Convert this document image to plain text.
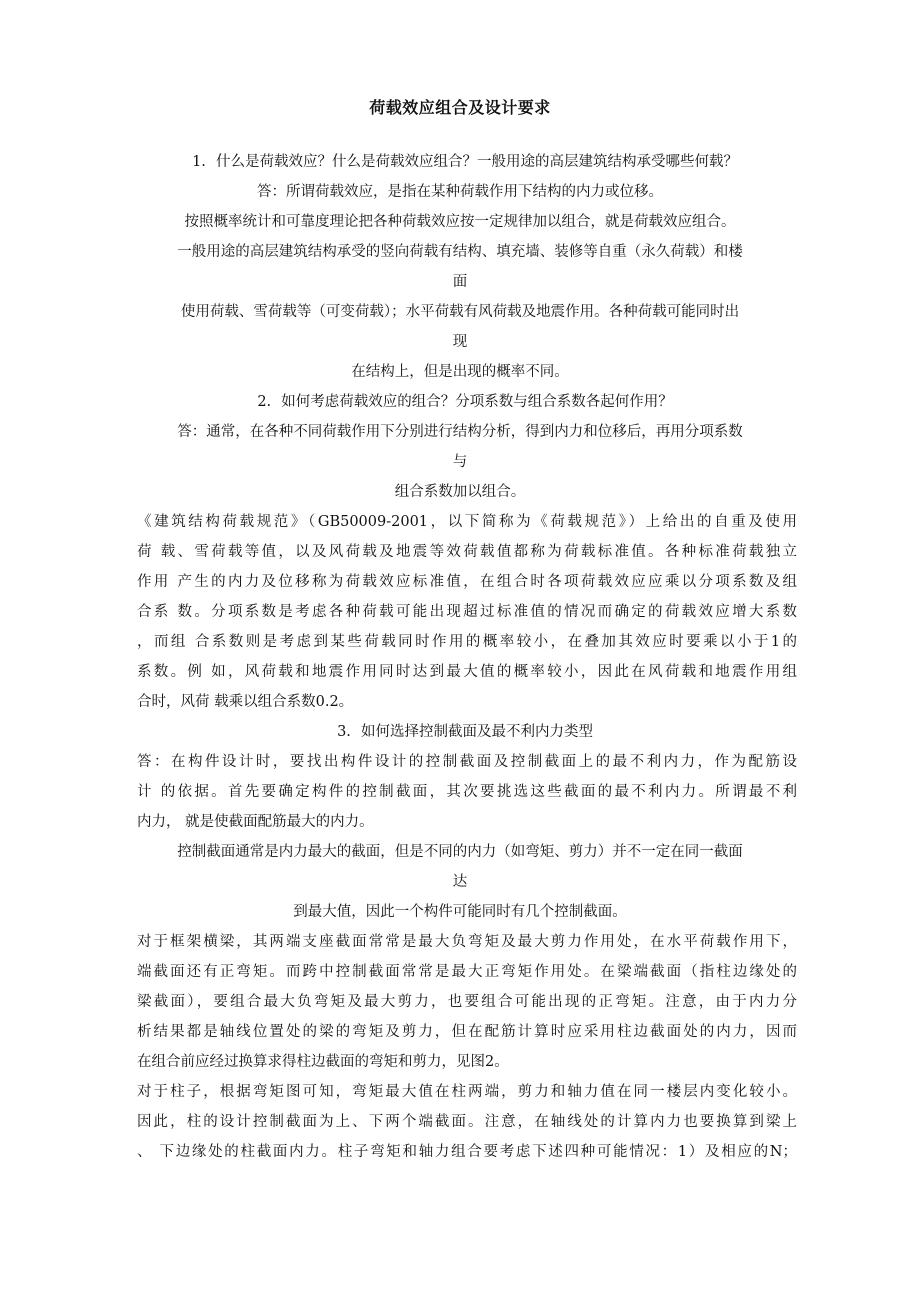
荷载效应组合及设计要求
1. 什么是荷载效应？什么是荷载效应组合？一般用途的高层建筑结构承受哪些何载？
答：所谓荷载效应，是指在某种荷载作用下结构的内力或位移。
按照概率统计和可靠度理论把各种荷载效应按一定规律加以组合，就是荷载效应组合。
一般用途的高层建筑结构承受的竖向荷载有结构、填充墙、装修等自重（永久荷载）和楼
面
使用荷载、雪荷载等（可变荷载）；水平荷载有风荷载及地震作用。各种荷载可能同时出
现
在结构上，但是出现的概率不同。
2. 如何考虑荷载效应的组合？分项系数与组合系数各起何作用？
答：通常，在各种不同荷载作用下分别进行结构分析，得到内力和位移后，再用分项系数
与
组合系数加以组合。
《建筑结构荷载规范》（GB50009-2001，以下简称为《荷载规范》）上给出的自重及使用
荷 载、雪荷载等值，以及风荷载及地震等效荷载值都称为荷载标准值。各种标准荷载独立
作用 产生的内力及位移称为荷载效应标准值，在组合时各项荷载效应应乘以分项系数及组
合系 数。分项系数是考虑各种荷载可能出现超过标准值的情况而确定的荷载效应增大系数
，而组 合系数则是考虑到某些荷载同时作用的概率较小，在叠加其效应时要乘以小于1的
系数。例 如，风荷载和地震作用同时达到最大值的概率较小，因此在风荷载和地震作用组
合时，风荷 载乘以组合系数0.2。
3. 如何选择控制截面及最不利内力类型
答：在构件设计时，要找出构件设计的控制截面及控制截面上的最不利内力，作为配筋设
计 的依据。首先要确定构件的控制截面，其次要挑选这些截面的最不利内力。所谓最不利
内力， 就是使截面配筋最大的内力。
控制截面通常是内力最大的截面，但是不同的内力（如弯矩、剪力）并不一定在同一截面
达
到最大值，因此一个构件可能同时有几个控制截面。
对于框架横梁，其两端支座截面常常是最大负弯矩及最大剪力作用处，在水平荷载作用下，
端截面还有正弯矩。而跨中控制截面常常是最大正弯矩作用处。在梁端截面（指柱边缘处的
梁截面），要组合最大负弯矩及最大剪力，也要组合可能出现的正弯矩。注意，由于内力分
析结果都是轴线位置处的梁的弯矩及剪力，但在配筋计算时应采用柱边截面处的内力，因而
在组合前应经过换算求得柱边截面的弯矩和剪力，见图2。
对于柱子，根据弯矩图可知，弯矩最大值在柱两端，剪力和轴力值在同一楼层内变化较小。
因此，柱的设计控制截面为上、下两个端截面。注意，在轴线处的计算内力也要换算到梁上
、 下边缘处的柱截面内力。柱子弯矩和轴力组合要考虑下述四种可能情况：1）及相应的N；
